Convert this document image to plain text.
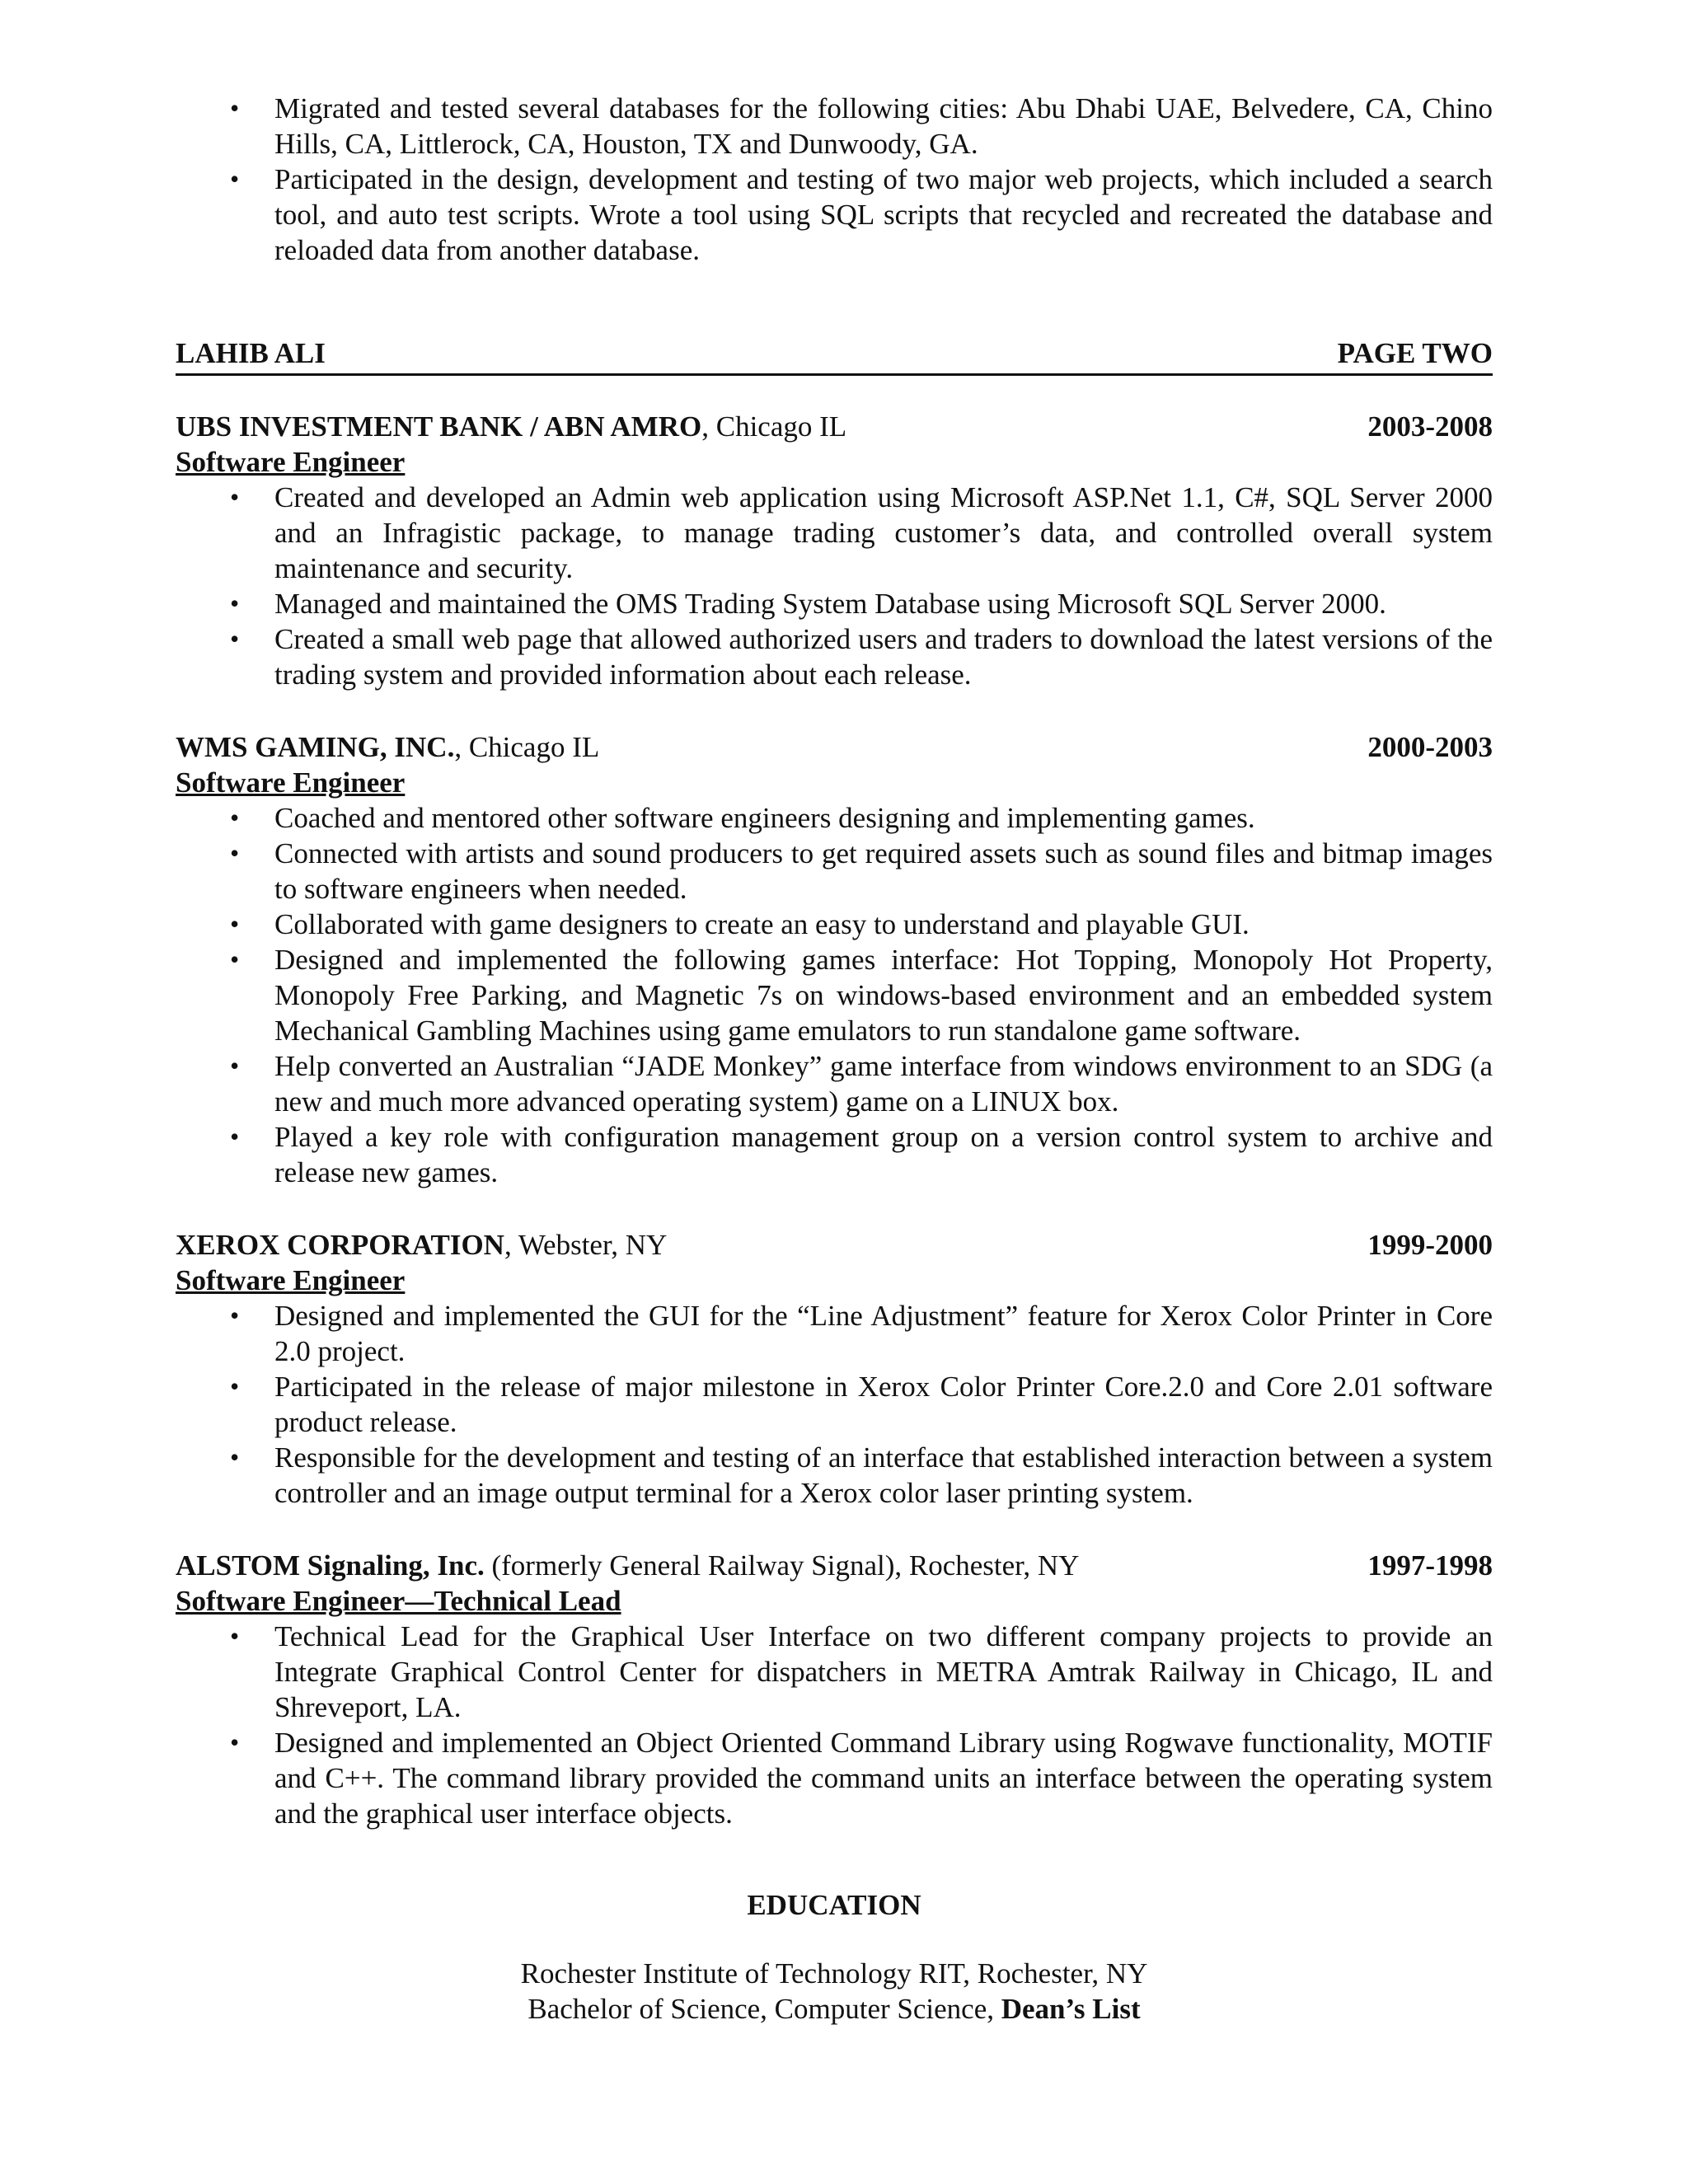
• Migrated and tested several databases for the following cities: Abu Dhabi UAE, Belvedere, CA, Chino Hills, CA, Littlerock, CA, Houston, TX and Dunwoody, GA.
• Participated in the design, development and testing of two major web projects, which included a search tool, and auto test scripts. Wrote a tool using SQL scripts that recycled and recreated the database and reloaded data from another database.
LAHIB ALI	PAGE TWO
UBS INVESTMENT BANK / ABN AMRO, Chicago IL	2003-2008
Software Engineer
• Created and developed an Admin web application using Microsoft ASP.Net 1.1, C#, SQL Server 2000 and an Infragistic package, to manage trading customer’s data, and controlled overall system maintenance and security.
• Managed and maintained the OMS Trading System Database using Microsoft SQL Server 2000.
• Created a small web page that allowed authorized users and traders to download the latest versions of the trading system and provided information about each release.
WMS GAMING, INC., Chicago IL	2000-2003
Software Engineer
• Coached and mentored other software engineers designing and implementing games.
• Connected with artists and sound producers to get required assets such as sound files and bitmap images to software engineers when needed.
• Collaborated with game designers to create an easy to understand and playable GUI.
• Designed and implemented the following games interface: Hot Topping, Monopoly Hot Property, Monopoly Free Parking, and Magnetic 7s on windows-based environment and an embedded system Mechanical Gambling Machines using game emulators to run standalone game software.
• Help converted an Australian “JADE Monkey” game interface from windows environment to an SDG (a new and much more advanced operating system) game on a LINUX box.
• Played a key role with configuration management group on a version control system to archive and release new games.
XEROX CORPORATION, Webster, NY	1999-2000
Software Engineer
• Designed and implemented the GUI for the “Line Adjustment” feature for Xerox Color Printer in Core 2.0 project.
• Participated in the release of major milestone in Xerox Color Printer Core.2.0 and Core 2.01 software product release.
• Responsible for the development and testing of an interface that established interaction between a system controller and an image output terminal for a Xerox color laser printing system.
ALSTOM Signaling, Inc. (formerly General Railway Signal), Rochester, NY	1997-1998
Software Engineer—Technical Lead
• Technical Lead for the Graphical User Interface on two different company projects to provide an Integrate Graphical Control Center for dispatchers in METRA Amtrak Railway in Chicago, IL and Shreveport, LA.
• Designed and implemented an Object Oriented Command Library using Rogwave functionality, MOTIF and C++. The command library provided the command units an interface between the operating system and the graphical user interface objects.
EDUCATION
Rochester Institute of Technology RIT, Rochester, NY
Bachelor of Science, Computer Science, Dean’s List
